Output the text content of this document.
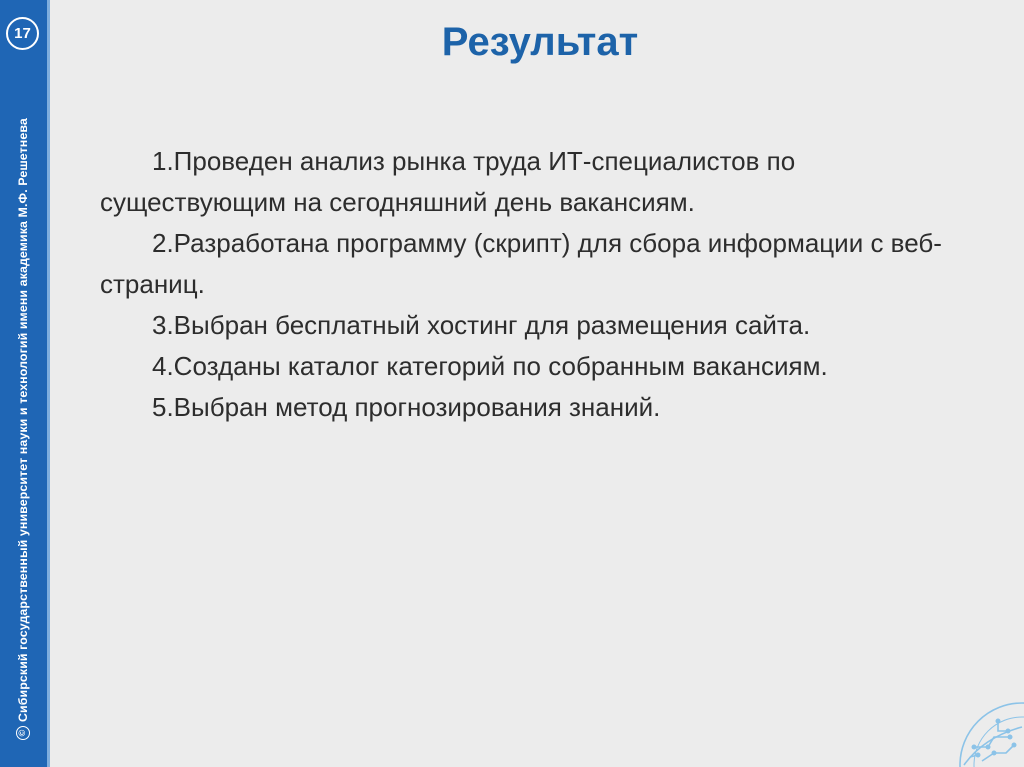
17
©
Сибирский государственный университет науки и технологий имени академика М.Ф. Решетнева
Результат
1.Проведен анализ рынка труда ИТ-специалистов по существующим на сегодняшний день вакансиям.
2.Разработана программу (скрипт) для сбора информации с веб-страниц.
3.Выбран бесплатный хостинг для размещения сайта.
4.Созданы каталог категорий по собранным вакансиям.
5.Выбран метод прогнозирования знаний.
